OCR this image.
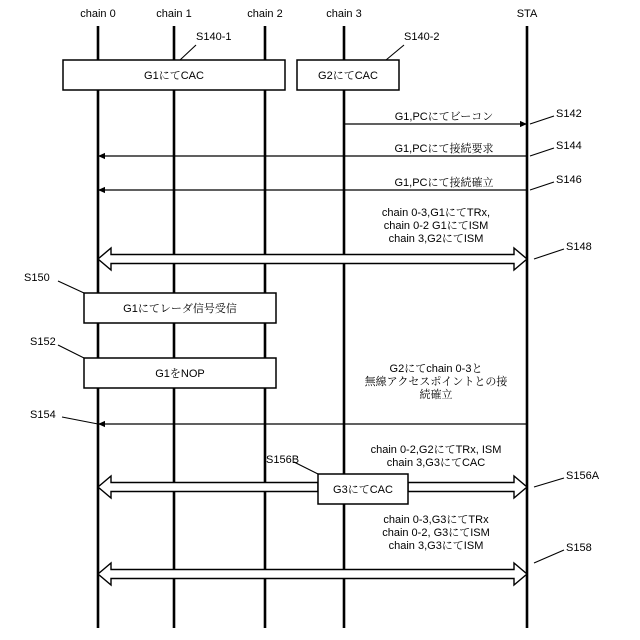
chain 0	chain 1	chain 2	chain 3	STA
G1,PCにてビーコン
G1,PCにて接続要求
G1,PCにて接続確立
chain 0-3,G1にてTRx,
chain 0-2 G1にてISM
chain 3,G2にてISM
G2にてchain 0-3と
無線アクセスポイントとの接
続確立
chain 0-2,G2にてTRx, ISM
chain 3,G3にてCAC
chain 0-3,G3にてTRx
chain 0-2, G3にてISM
chain 3,G3にてISM
G1にてCAC	G2にてCAC
G1にてレーダ信号受信
G1をNOP
G3にてCAC
S140-1	S140-2
S142
S144
S146
S148
S150
S152
S154
S156B
S156A
S158
